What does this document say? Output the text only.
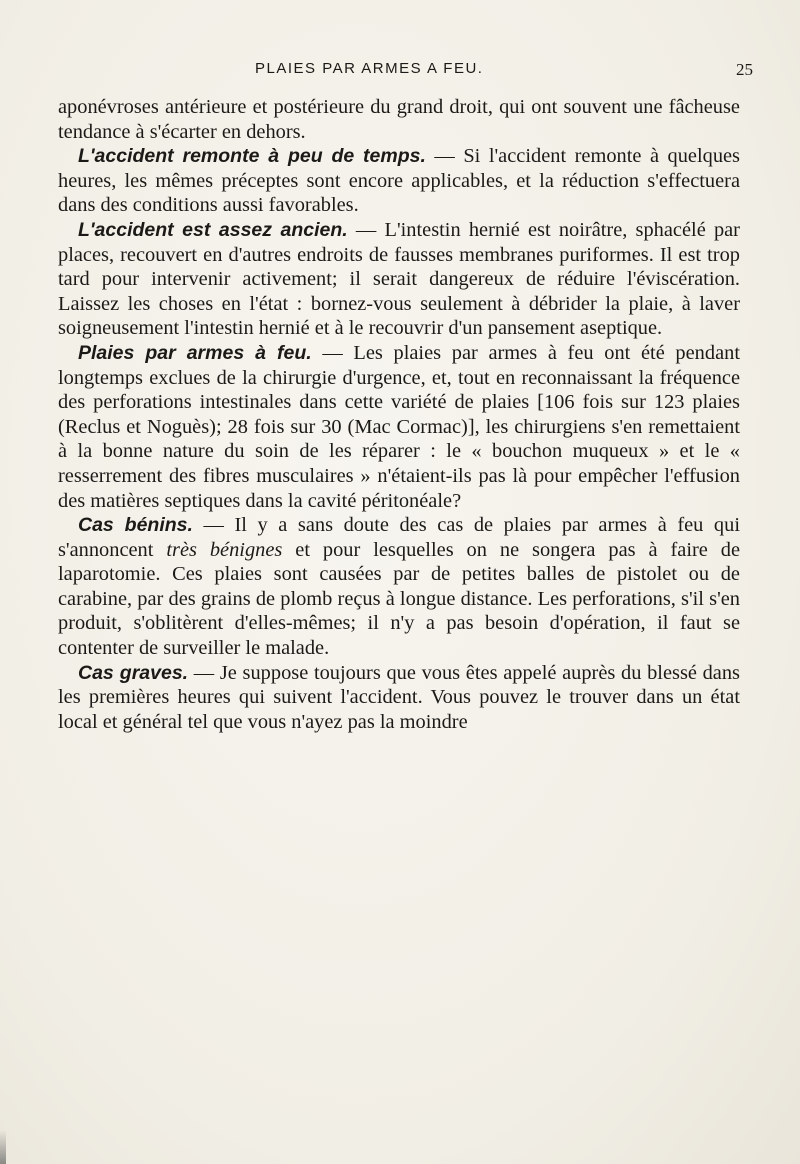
PLAIES PAR ARMES A FEU.	25

aponévroses antérieure et postérieure du grand droit, qui ont souvent une fâcheuse tendance à s'écarter en dehors.

L'accident remonte à peu de temps. — Si l'accident remonte à quelques heures, les mêmes préceptes sont encore applicables, et la réduction s'effectuera dans des conditions aussi favorables.

L'accident est assez ancien. — L'intestin hernié est noirâtre, sphacélé par places, recouvert en d'autres endroits de fausses membranes puriformes. Il est trop tard pour intervenir activement; il serait dangereux de réduire l'éviscération. Laissez les choses en l'état : bornez-vous seulement à débrider la plaie, à laver soigneusement l'intestin hernié et à le recouvrir d'un pansement aseptique.

Plaies par armes à feu. — Les plaies par armes à feu ont été pendant longtemps exclues de la chirurgie d'urgence, et, tout en reconnaissant la fréquence des perforations intestinales dans cette variété de plaies [106 fois sur 123 plaies (Reclus et Noguès); 28 fois sur 30 (Mac Cormac)], les chirurgiens s'en remettaient à la bonne nature du soin de les réparer : le « bouchon muqueux » et le « resserrement des fibres musculaires » n'étaient-ils pas là pour empêcher l'effusion des matières septiques dans la cavité péritonéale?

Cas bénins. — Il y a sans doute des cas de plaies par armes à feu qui s'annoncent très bénignes et pour lesquelles on ne songera pas à faire de laparotomie. Ces plaies sont causées par de petites balles de pistolet ou de carabine, par des grains de plomb reçus à longue distance. Les perforations, s'il s'en produit, s'oblitèrent d'elles-mêmes; il n'y a pas besoin d'opération, il faut se contenter de surveiller le malade.

Cas graves. — Je suppose toujours que vous êtes appelé auprès du blessé dans les premières heures qui suivent l'accident. Vous pouvez le trouver dans un état local et général tel que vous n'ayez pas la moindre
